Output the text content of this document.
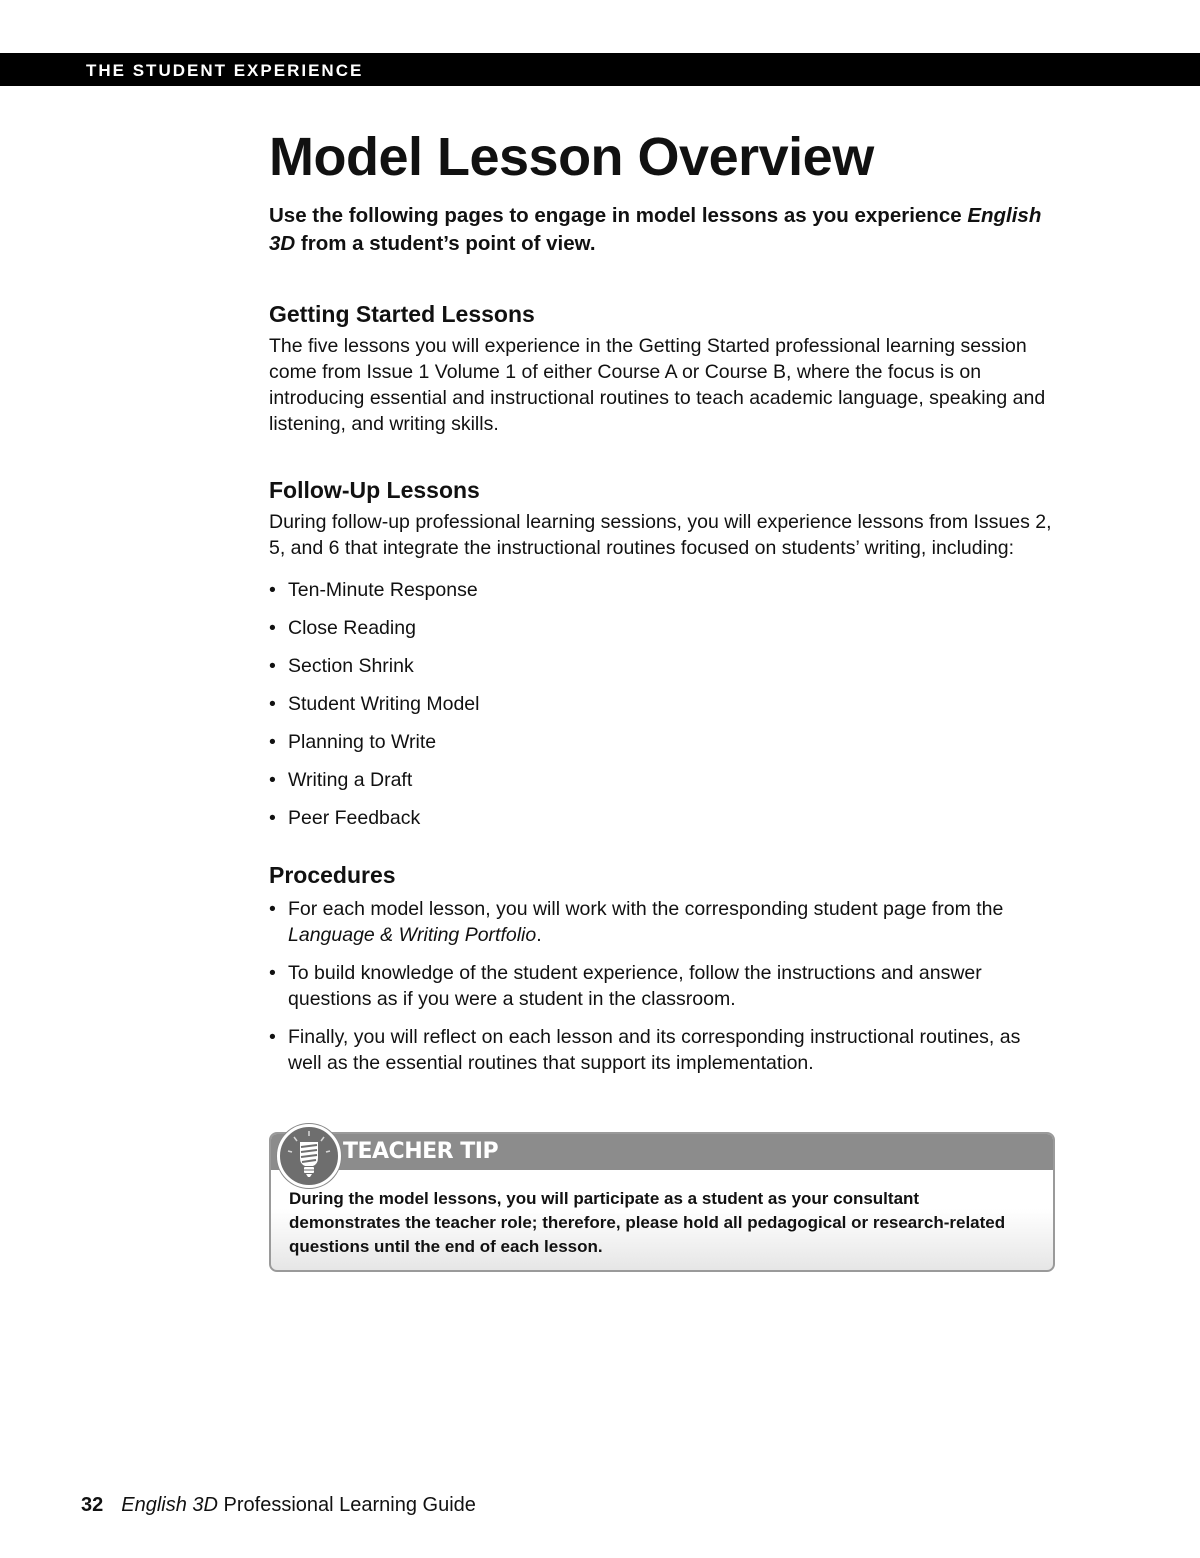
THE STUDENT EXPERIENCE
Model Lesson Overview

Use the following pages to engage in model lessons as you experience English 3D from a student’s point of view.

Getting Started Lessons

The five lessons you will experience in the Getting Started professional learning session come from Issue 1 Volume 1 of either Course A or Course B, where the focus is on introducing essential and instructional routines to teach academic language, speaking and listening, and writing skills.

Follow-Up Lessons

During follow-up professional learning sessions, you will experience lessons from Issues 2, 5, and 6 that integrate the instructional routines focused on students’ writing, including:

• Ten-Minute Response
• Close Reading
• Section Shrink
• Student Writing Model
• Planning to Write
• Writing a Draft
• Peer Feedback
Procedures
• For each model lesson, you will work with the corresponding student page from the Language & Writing Portfolio.
• To build knowledge of the student experience, follow the instructions and answer questions as if you were a student in the classroom.
• Finally, you will reflect on each lesson and its corresponding instructional routines, as well as the essential routines that support its implementation.
TEACHER TIP
During the model lessons, you will participate as a student as your consultant demonstrates the teacher role; therefore, please hold all pedagogical or research-related questions until the end of each lesson.
32 English 3D Professional Learning Guide
